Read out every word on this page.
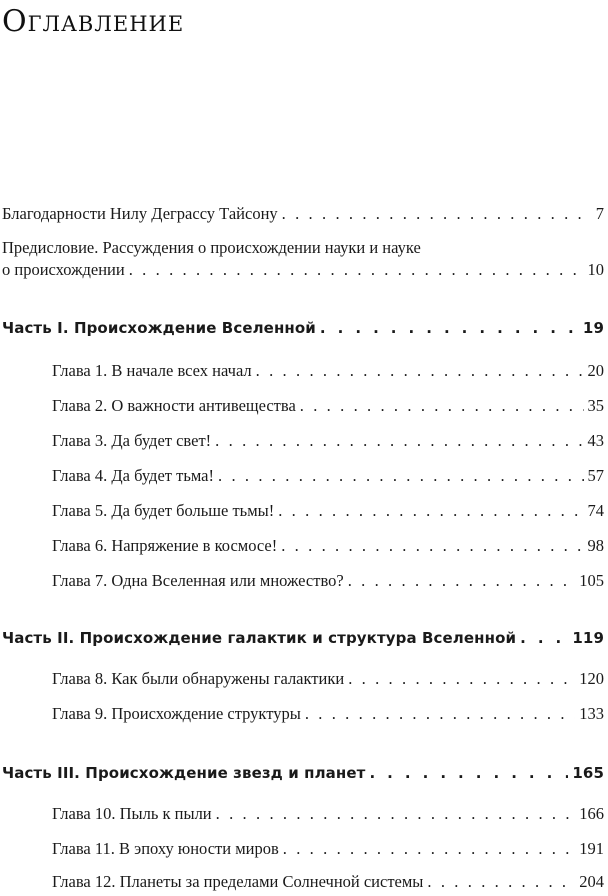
Оглавление
Благодарности Нилу Деграссу Тайсону . . .	7
Предисловие. Рассуждения о происхождении науки и науке
о происхождении . . .	10
Часть I. Происхождение Вселенной . . .	19
Глава 1. В начале всех начал . . .	20
Глава 2. О важности антивещества . . .	35
Глава 3. Да будет свет! . . .	43
Глава 4. Да будет тьма! . . .	57
Глава 5. Да будет больше тьмы! . . .	74
Глава 6. Напряжение в космосе! . . .	98
Глава 7. Одна Вселенная или множество? . . .	105
Часть II. Происхождение галактик и структура Вселенной . . .	119
Глава 8. Как были обнаружены галактики . . .	120
Глава 9. Происхождение структуры . . .	133
Часть III. Происхождение звезд и планет . . .	165
Глава 10. Пыль к пыли . . .	166
Глава 11. В эпоху юности миров . . .	191
Глава 12. Планеты за пределами Солнечной системы . . .	204
